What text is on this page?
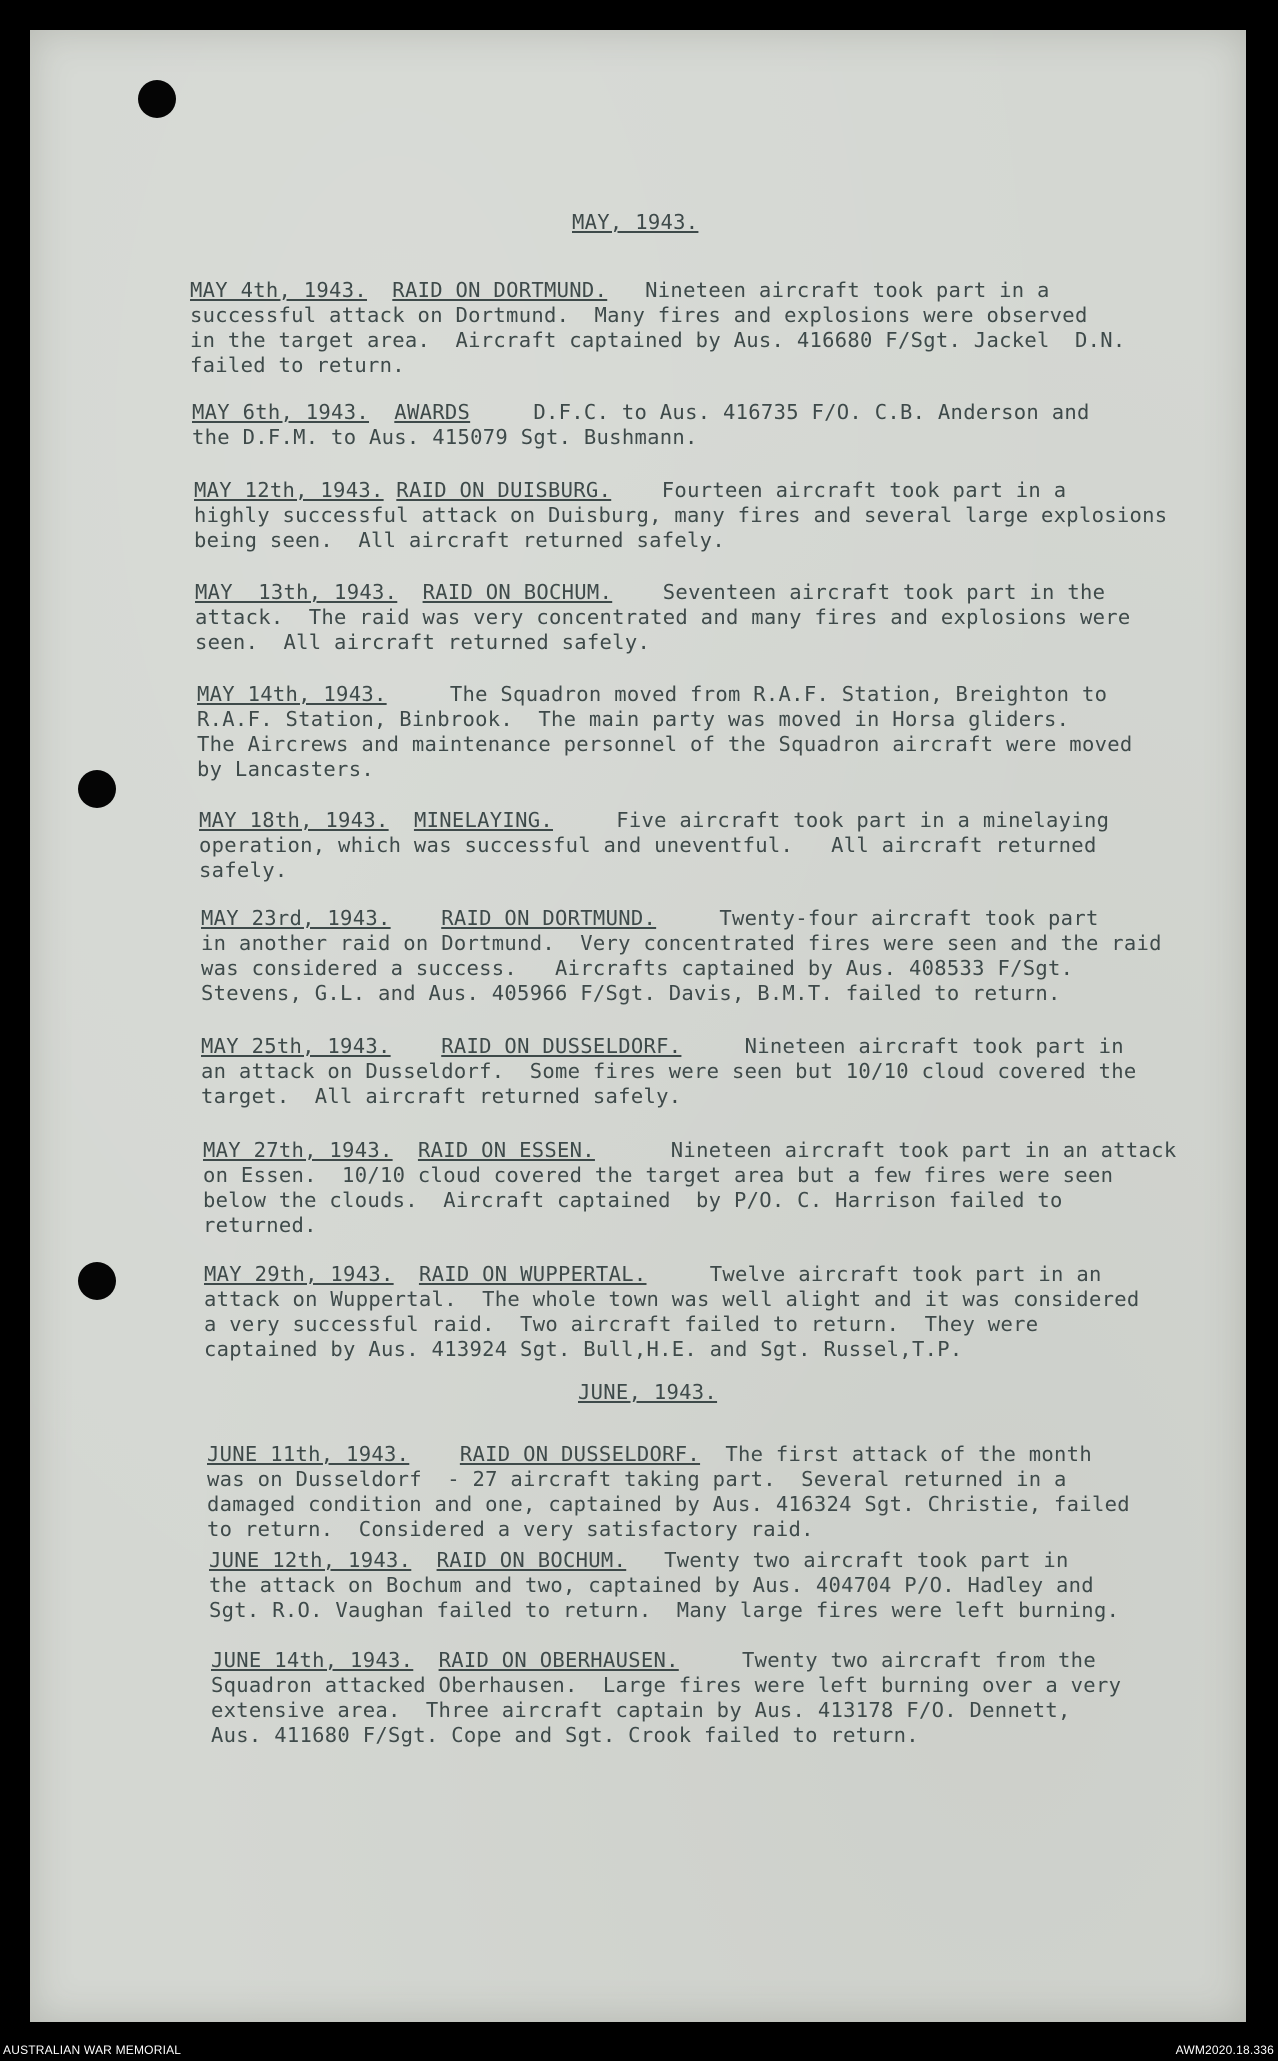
MAY, 1943.
JUNE, 1943.
MAY 4th, 1943. RAID ON DORTMUND.   Nineteen aircraft took part in a
successful attack on Dortmund.  Many fires and explosions were observed
in the target area.  Aircraft captained by Aus. 416680 F/Sgt. Jackel  D.N.
failed to return.
MAY 6th, 1943. AWARDS     D.F.C. to Aus. 416735 F/O. C.B. Anderson and
the D.F.M. to Aus. 415079 Sgt. Bushmann.
MAY 12th, 1943. RAID ON DUISBURG.    Fourteen aircraft took part in a
highly successful attack on Duisburg, many fires and several large explosions
being seen.  All aircraft returned safely.
MAY  13th, 1943. RAID ON BOCHUM.    Seventeen aircraft took part in the
attack.  The raid was very concentrated and many fires and explosions were
seen.  All aircraft returned safely.
MAY 14th, 1943.     The Squadron moved from R.A.F. Station, Breighton to
R.A.F. Station, Binbrook.  The main party was moved in Horsa gliders.
The Aircrews and maintenance personnel of the Squadron aircraft were moved
by Lancasters.
MAY 18th, 1943. MINELAYING.     Five aircraft took part in a minelaying
operation, which was successful and uneventful.   All aircraft returned
safely.
MAY 23rd, 1943. RAID ON DORTMUND.     Twenty-four aircraft took part
in another raid on Dortmund.  Very concentrated fires were seen and the raid
was considered a success.   Aircrafts captained by Aus. 408533 F/Sgt.
Stevens, G.L. and Aus. 405966 F/Sgt. Davis, B.M.T. failed to return.
MAY 25th, 1943. RAID ON DUSSELDORF.     Nineteen aircraft took part in
an attack on Dusseldorf.  Some fires were seen but 10/10 cloud covered the
target.  All aircraft returned safely.
MAY 27th, 1943. RAID ON ESSEN.      Nineteen aircraft took part in an attack
on Essen.  10/10 cloud covered the target area but a few fires were seen
below the clouds.  Aircraft captained  by P/O. C. Harrison failed to
returned.
MAY 29th, 1943. RAID ON WUPPERTAL.     Twelve aircraft took part in an
attack on Wuppertal.  The whole town was well alight and it was considered
a very successful raid.  Two aircraft failed to return.  They were
captained by Aus. 413924 Sgt. Bull,H.E. and Sgt. Russel,T.P.
JUNE 11th, 1943. RAID ON DUSSELDORF.  The first attack of the month
was on Dusseldorf  - 27 aircraft taking part.  Several returned in a
damaged condition and one, captained by Aus. 416324 Sgt. Christie, failed
to return.  Considered a very satisfactory raid.
JUNE 12th, 1943. RAID ON BOCHUM.   Twenty two aircraft took part in
the attack on Bochum and two, captained by Aus. 404704 P/O. Hadley and
Sgt. R.O. Vaughan failed to return.  Many large fires were left burning.
JUNE 14th, 1943. RAID ON OBERHAUSEN.     Twenty two aircraft from the
Squadron attacked Oberhausen.  Large fires were left burning over a very
extensive area.  Three aircraft captain by Aus. 413178 F/O. Dennett,
Aus. 411680 F/Sgt. Cope and Sgt. Crook failed to return.
AUSTRALIAN WAR MEMORIAL	AWM2020.18.336
